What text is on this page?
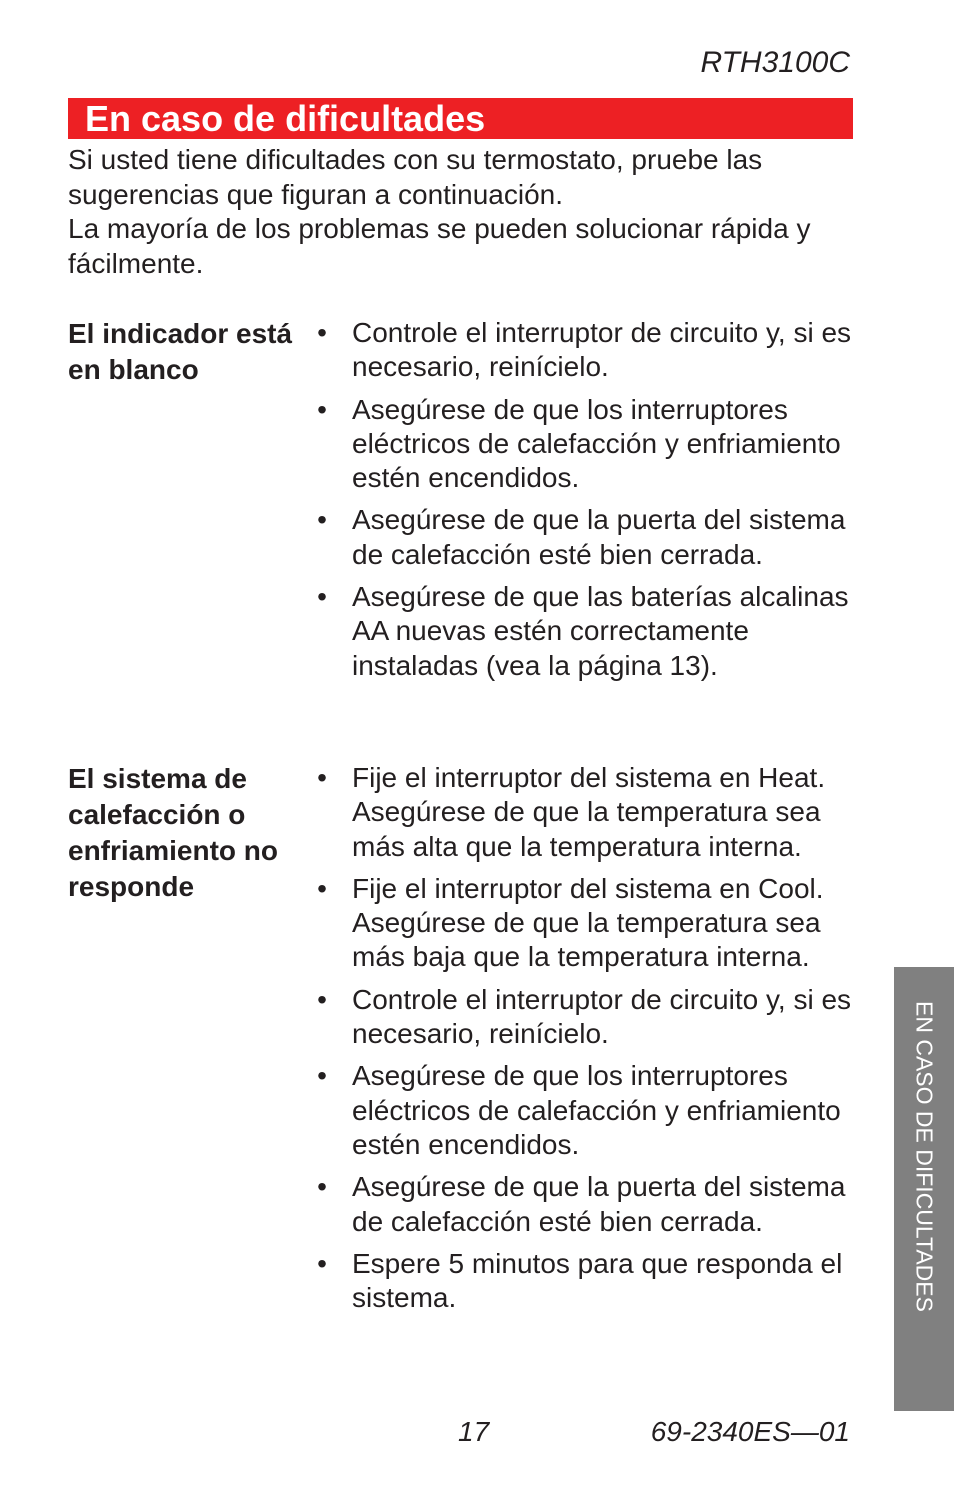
RTH3100C
En caso de dificultades

Si usted tiene dificultades con su termostato, pruebe las sugerencias que figuran a continuación.

La mayoría de los problemas se pueden solucionar rápida y fácilmente.

El indicador está en blanco
• Controle el interruptor de circuito y, si es necesario, reinícielo.
• Asegúrese de que los interruptores eléctricos de calefacción y enfriamiento estén encendidos.
• Asegúrese de que la puerta del sistema de calefacción esté bien cerrada.
• Asegúrese de que las baterías alcalinas AA nuevas estén correctamente instaladas (vea la página 13).
El sistema de calefacción o enfriamiento no responde
• Fije el interruptor del sistema en Heat. Asegúrese de que la temperatura sea más alta que la temperatura interna.
• Fije el interruptor del sistema en Cool. Asegúrese de que la temperatura sea más baja que la temperatura interna.
• Controle el interruptor de circuito y, si es necesario, reinícielo.
• Asegúrese de que los interruptores eléctricos de calefacción y enfriamiento estén encendidos.
• Asegúrese de que la puerta del sistema de calefacción esté bien cerrada.
• Espere 5 minutos para que responda el sistema.
17	69-2340ES—01
EN CASO DE DIFICULTADES
